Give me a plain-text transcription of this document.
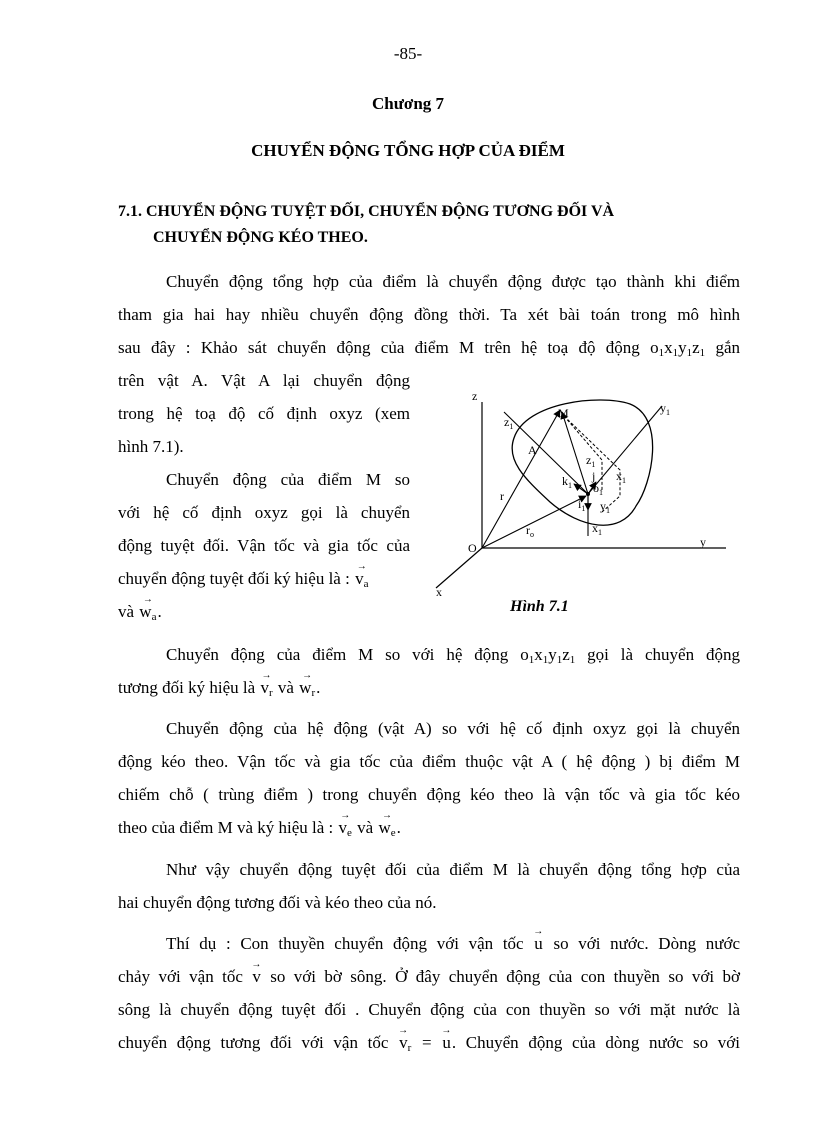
-85-
Chương 7
CHUYỂN ĐỘNG TỔNG HỢP CỦA ĐIỂM
7.1. CHUYỂN ĐỘNG TUYỆT ĐỐI, CHUYỂN ĐỘNG TƯƠNG ĐỐI VÀ
CHUYỂN ĐỘNG KÉO THEO.
Chuyển động tổng hợp của điểm là chuyển động được tạo thành khi điểm
tham gia hai hay nhiều chuyển động đồng thời. Ta xét bài toán trong mô hình
sau đây : Khảo sát chuyển động của điểm M trên hệ toạ độ động $o_1x_1y_1z_1$ gắn
trên vật A. Vật A lại chuyển động
trong hệ toạ độ cố định oxyz (xem
hình 7.1).
Chuyển động của điểm M so
với hệ cố định oxyz gọi là chuyển
động tuyệt đối. Vận tốc và gia tốc của
chuyển động tuyệt đối ký hiệu là : → $v_a$
và → $w_a$.
z
$z_1$
M	$y_1$
A
$z_1$
$x_1$
$k_1$
j
$o_1$
$i_1$ $y_1$
r
$x_1$
$r_o$
O	y
x
Hình 7.1
Chuyển động của điểm M so với hệ động $o_1x_1y_1z_1$ gọi là chuyển động
tương đối ký hiệu là → $v_r$ và → $w_r$.
Chuyển động của hệ động (vật A) so với hệ cố định oxyz gọi là chuyển
động kéo theo. Vận tốc và gia tốc của điểm thuộc vật A ( hệ động ) bị điểm M
chiếm chỗ ( trùng điểm ) trong chuyển động kéo theo là vận tốc và gia tốc kéo
theo của điểm M và ký hiệu là : → $v_e$ và → $w_e$.
Như vậy chuyển động tuyệt đối của điểm M là chuyển động tổng hợp của
hai chuyển động tương đối và kéo theo của nó.
Thí dụ : Con thuyền chuyển động với vận tốc → u so với nước. Dòng nước
chảy với vận tốc → v so với bờ sông. Ở đây chuyển động của con thuyền so với bờ
sông là chuyển động tuyệt đối . Chuyển động của con thuyền so với mặt nước là
chuyển động tương đối với vận tốc → $v_r$ = → u. Chuyển động của dòng nước so với
